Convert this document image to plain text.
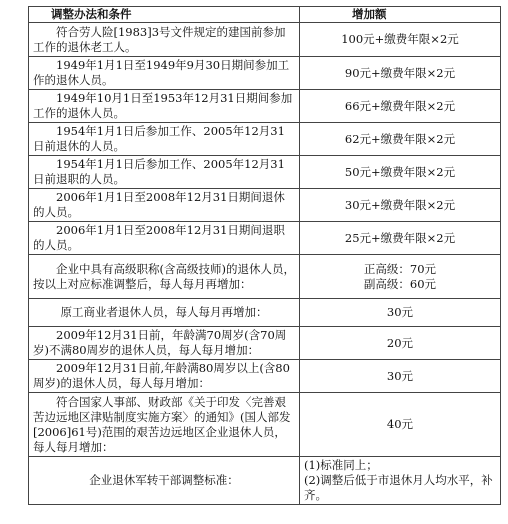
调整办法和条件	增加额
符合劳人险[1983]3号文件规定的建国前参加工作的退休老工人。	100元+缴费年限×2元

1949年1月1日至1949年9月30日期间参加工作的退休人员。	90元+缴费年限×2元

1949年10月1日至1953年12月31日期间参加工作的退休人员。	66元+缴费年限×2元

1954年1月1日后参加工作、2005年12月31日前退休的人员。	62元+缴费年限×2元

1954年1月1日后参加工作、2005年12月31日前退职的人员。	50元+缴费年限×2元

2006年1月1日至2008年12月31日期间退休的人员。	30元+缴费年限×2元

2006年1月1日至2008年12月31日期间退职的人员。	25元+缴费年限×2元

企业中具有高级职称(含高级技师)的退休人员，按以上对应标准调整后，每人每月再增加：	正高级：70元
副高级：60元

原工商业者退休人员，每人每月再增加：	30元

2009年12月31日前，年龄满70周岁(含70周岁)不满80周岁的退休人员，每人每月增加：	20元

2009年12月31日前,年龄满80周岁以上(含80周岁)的退休人员，每人每月增加：	30元

符合国家人事部、财政部《关于印发〈完善艰苦边远地区津贴制度实施方案〉的通知》(国人部发[2006]61号)范围的艰苦边远地区企业退休人员，每人每月增加：	40元

企业退休军转干部调整标准：	(1)标准同上；
(2)调整后低于市退休月人均水平，补齐。
